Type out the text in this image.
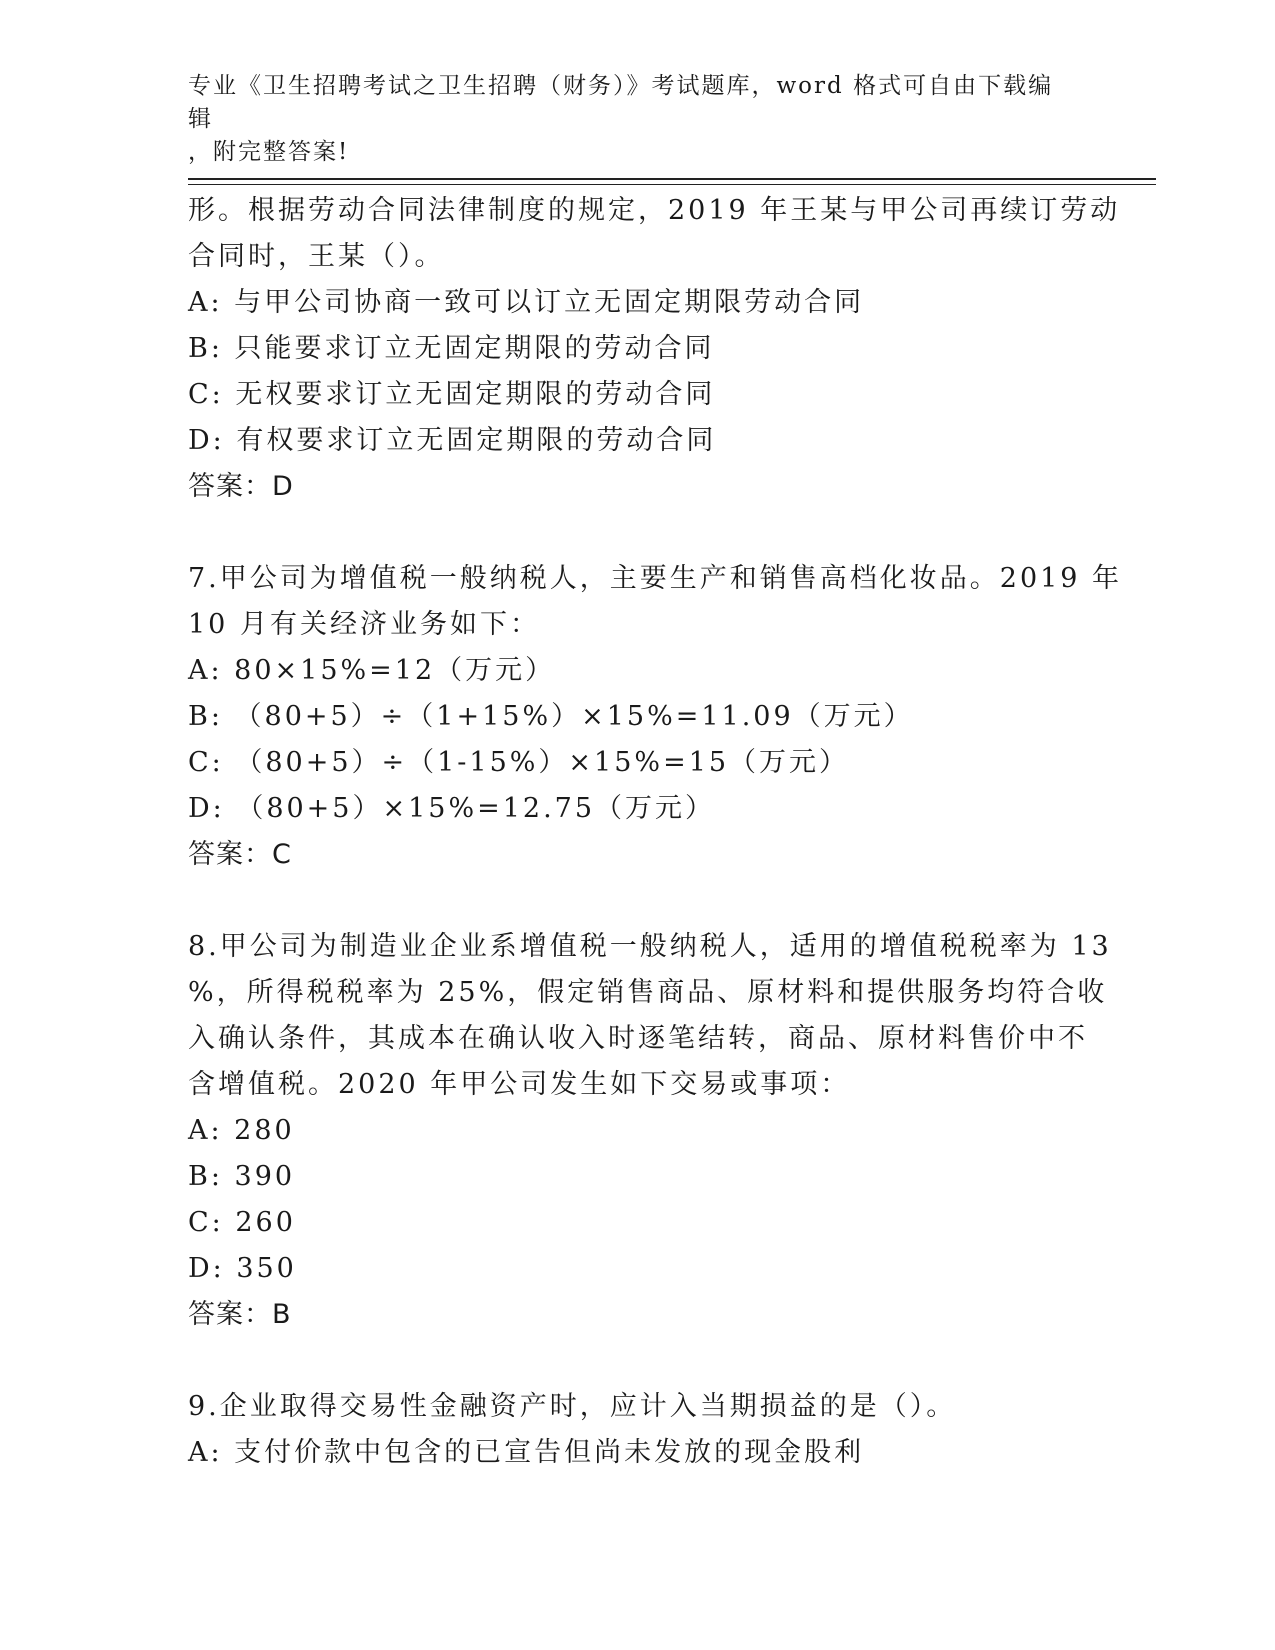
专业《卫生招聘考试之卫生招聘（财务）》考试题库，word 格式可自由下载编辑
，附完整答案!
形。根据劳动合同法律制度的规定，2019 年王某与甲公司再续订劳动
合同时，王某（）。
A: 与甲公司协商一致可以订立无固定期限劳动合同
B: 只能要求订立无固定期限的劳动合同
C: 无权要求订立无固定期限的劳动合同
D: 有权要求订立无固定期限的劳动合同
答案：D
7.甲公司为增值税一般纳税人，主要生产和销售高档化妆品。2019 年
10 月有关经济业务如下：
A: 80×15%=12（万元）
B: （80+5）÷（1+15%）×15%=11.09（万元）
C: （80+5）÷（1-15%）×15%=15（万元）
D: （80+5）×15%=12.75（万元）
答案：C
8.甲公司为制造业企业系增值税一般纳税人，适用的增值税税率为 13
%，所得税税率为 25%，假定销售商品、原材料和提供服务均符合收
入确认条件，其成本在确认收入时逐笔结转，商品、原材料售价中不
含增值税。2020 年甲公司发生如下交易或事项：
A: 280
B: 390
C: 260
D: 350
答案：B
9.企业取得交易性金融资产时，应计入当期损益的是（）。
A: 支付价款中包含的已宣告但尚未发放的现金股利
